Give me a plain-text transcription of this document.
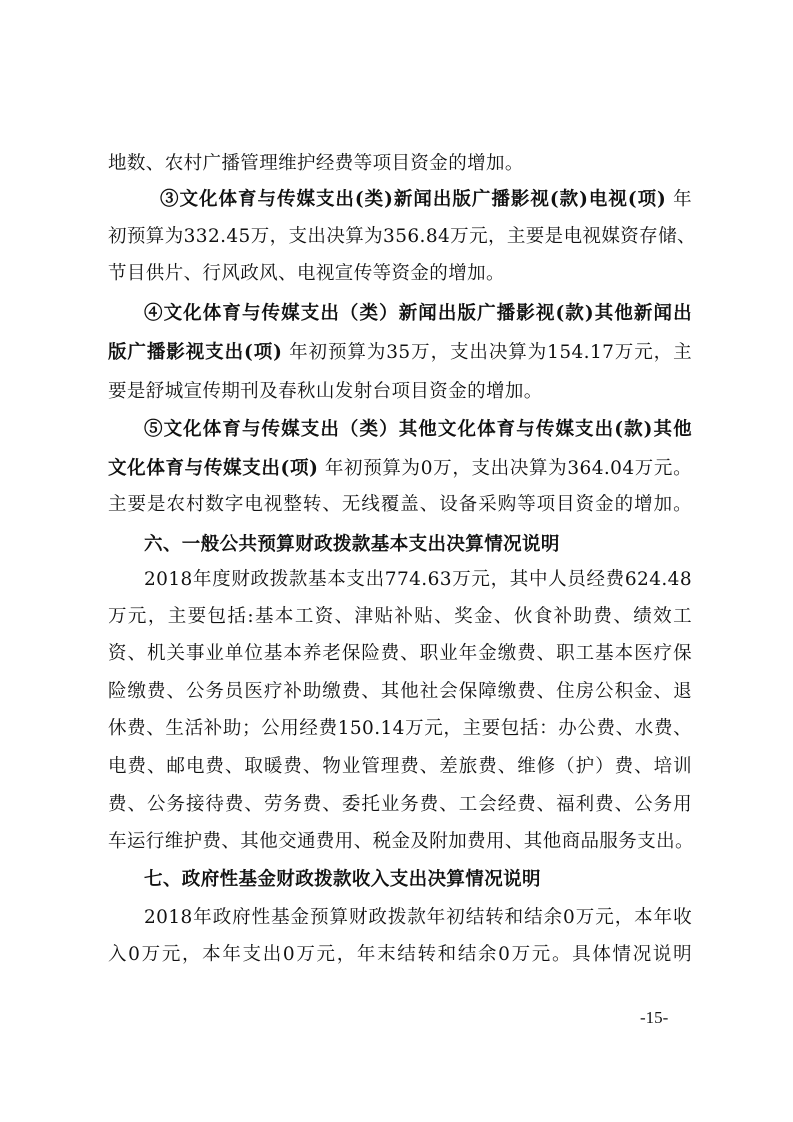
地数、农村广播管理维护经费等项目资金的增加。
③文化体育与传媒支出(类)新闻出版广播影视(款)电视(项) 年
初预算为332.45万，支出决算为356.84万元，主要是电视媒资存储、
节目供片、行风政风、电视宣传等资金的增加。
④文化体育与传媒支出（类）新闻出版广播影视(款)其他新闻出
版广播影视支出(项) 年初预算为35万，支出决算为154.17万元，主
要是舒城宣传期刊及春秋山发射台项目资金的增加。
⑤文化体育与传媒支出（类）其他文化体育与传媒支出(款)其他
文化体育与传媒支出(项) 年初预算为0万，支出决算为364.04万元。
主要是农村数字电视整转、无线覆盖、设备采购等项目资金的增加。
六、一般公共预算财政拨款基本支出决算情况说明
2018年度财政拨款基本支出774.63万元，其中人员经费624.48
万元，主要包括:基本工资、津贴补贴、奖金、伙食补助费、绩效工
资、机关事业单位基本养老保险费、职业年金缴费、职工基本医疗保
险缴费、公务员医疗补助缴费、其他社会保障缴费、住房公积金、退
休费、生活补助；公用经费150.14万元，主要包括：办公费、水费、
电费、邮电费、取暖费、物业管理费、差旅费、维修（护）费、培训
费、公务接待费、劳务费、委托业务费、工会经费、福利费、公务用
车运行维护费、其他交通费用、税金及附加费用、其他商品服务支出。
七、政府性基金财政拨款收入支出决算情况说明
2018年政府性基金预算财政拨款年初结转和结余0万元，本年收
入0万元，本年支出0万元，年末结转和结余0万元。具体情况说明
-15-
